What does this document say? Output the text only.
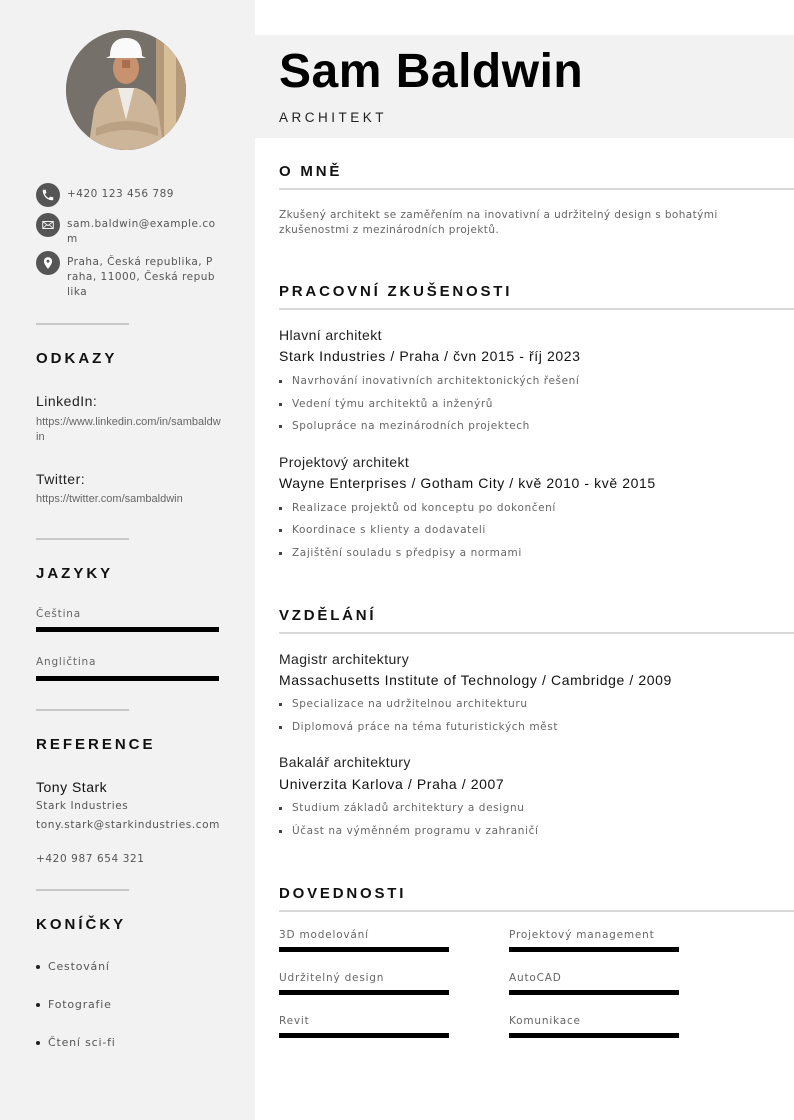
+420 123 456 789
sam.baldwin@example.com
Praha, Česká republika, Praha, 11000, Česká republika
ODKAZY
LinkedIn:
https://www.linkedin.com/in/sambaldwin
Twitter:
https://twitter.com/sambaldwin
JAZYKY
Čeština
Angličtina
REFERENCE
Tony Stark
Stark Industries
tony.stark@starkindustries.com
+420 987 654 321
KONÍČKY
Cestování
Fotografie
Čtení sci-fi
Sam Baldwin
ARCHITEKT
O MNĚ
Zkušený architekt se zaměřením na inovativní a udržitelný design s bohatými zkušenostmi z mezinárodních projektů.
PRACOVNÍ ZKUŠENOSTI
Hlavní architekt
Stark Industries / Praha / čvn 2015 - říj 2023
Navrhování inovativních architektonických řešení
Vedení týmu architektů a inženýrů
Spolupráce na mezinárodních projektech
Projektový architekt
Wayne Enterprises / Gotham City / kvě 2010 - kvě 2015
Realizace projektů od konceptu po dokončení
Koordinace s klienty a dodavateli
Zajištění souladu s předpisy a normami
VZDĚLÁNÍ
Magistr architektury
Massachusetts Institute of Technology / Cambridge / 2009
Specializace na udržitelnou architekturu
Diplomová práce na téma futuristických měst
Bakalář architektury
Univerzita Karlova / Praha / 2007
Studium základů architektury a designu
Účast na výměnném programu v zahraničí
DOVEDNOSTI
3D modelování	Projektový management
Udržitelný design	AutoCAD
Revit	Komunikace
